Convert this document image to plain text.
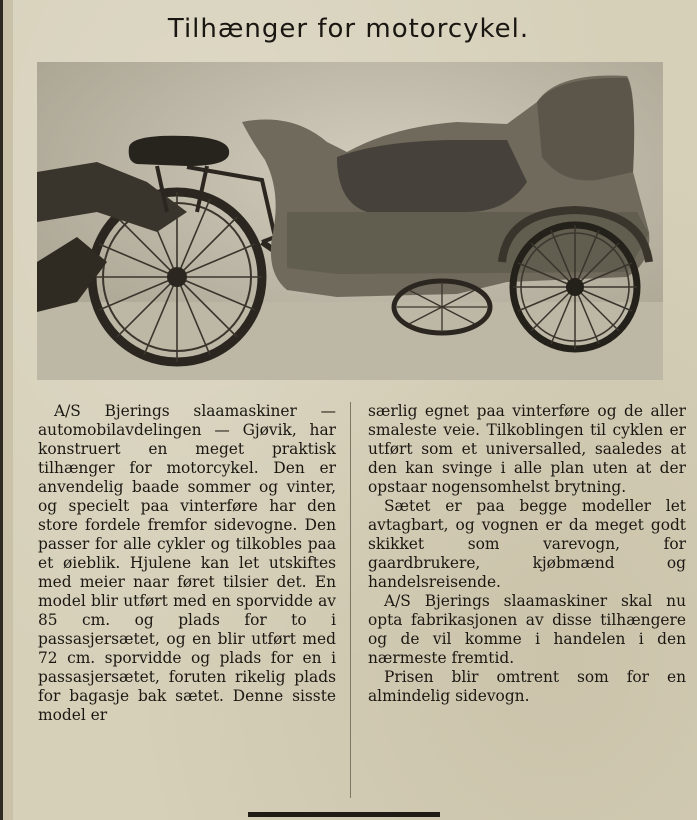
Tilhænger for motorcykel.

A/S Bjerings slaamaskiner — automobilavdelingen — Gjøvik, har konstruert en meget praktisk tilhænger for motorcykel. Den er anvendelig baade sommer og vinter, og specielt paa vinterføre har den store fordele fremfor sidevogne. Den passer for alle cykler og tilkobles paa et øieblik. Hjulene kan let utskiftes med meier naar føret tilsier det. En model blir utført med en sporvidde av 85 cm. og plads for to i passasjersætet, og en blir utført med 72 cm. sporvidde og plads for en i passasjersætet, foruten rikelig plads for bagasje bak sætet. Denne sisste model er

særlig egnet paa vinterføre og de aller smaleste veie. Tilkoblingen til cyklen er utført som et universalled, saaledes at den kan svinge i alle plan uten at der opstaar nogensomhelst brytning.

Sætet er paa begge modeller let avtagbart, og vognen er da meget godt skikket som varevogn, for gaardbrukere, kjøbmænd og handelsreisende.

A/S Bjerings slaamaskiner skal nu opta fabrikasjonen av disse tilhængere og de vil komme i handelen i den nærmeste fremtid.

Prisen blir omtrent som for en almindelig sidevogn.
